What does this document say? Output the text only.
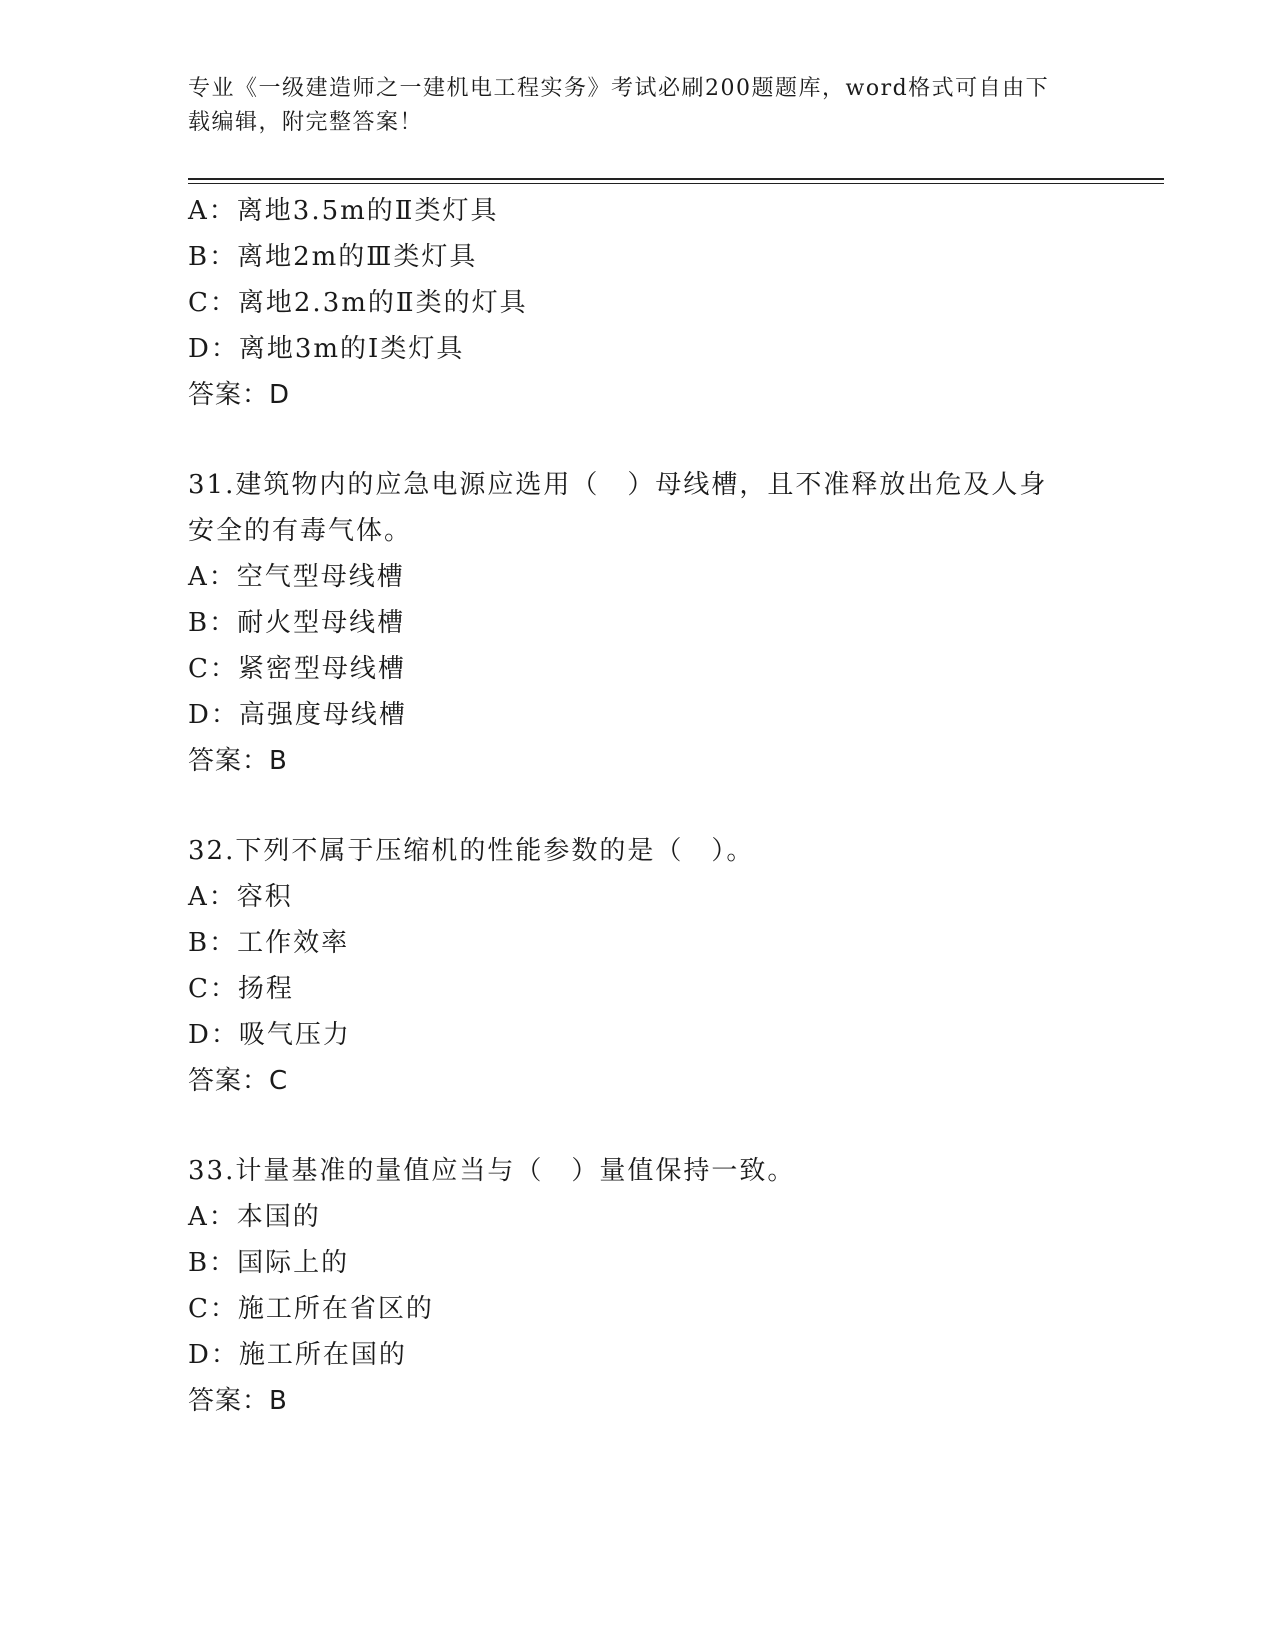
专业《一级建造师之一建机电工程实务》考试必刷200题题库，word格式可自由下载编辑，附完整答案！
A：离地3.5m的Ⅱ类灯具
B：离地2m的Ⅲ类灯具
C：离地2.3m的Ⅱ类的灯具
D：离地3m的Ⅰ类灯具
答案：D
31.建筑物内的应急电源应选用（　）母线槽，且不准释放出危及人身安全的有毒气体。
A：空气型母线槽
B：耐火型母线槽
C：紧密型母线槽
D：高强度母线槽
答案：B
32.下列不属于压缩机的性能参数的是（　）。
A：容积
B：工作效率
C：扬程
D：吸气压力
答案：C
33.计量基准的量值应当与（　）量值保持一致。
A：本国的
B：国际上的
C：施工所在省区的
D：施工所在国的
答案：B
